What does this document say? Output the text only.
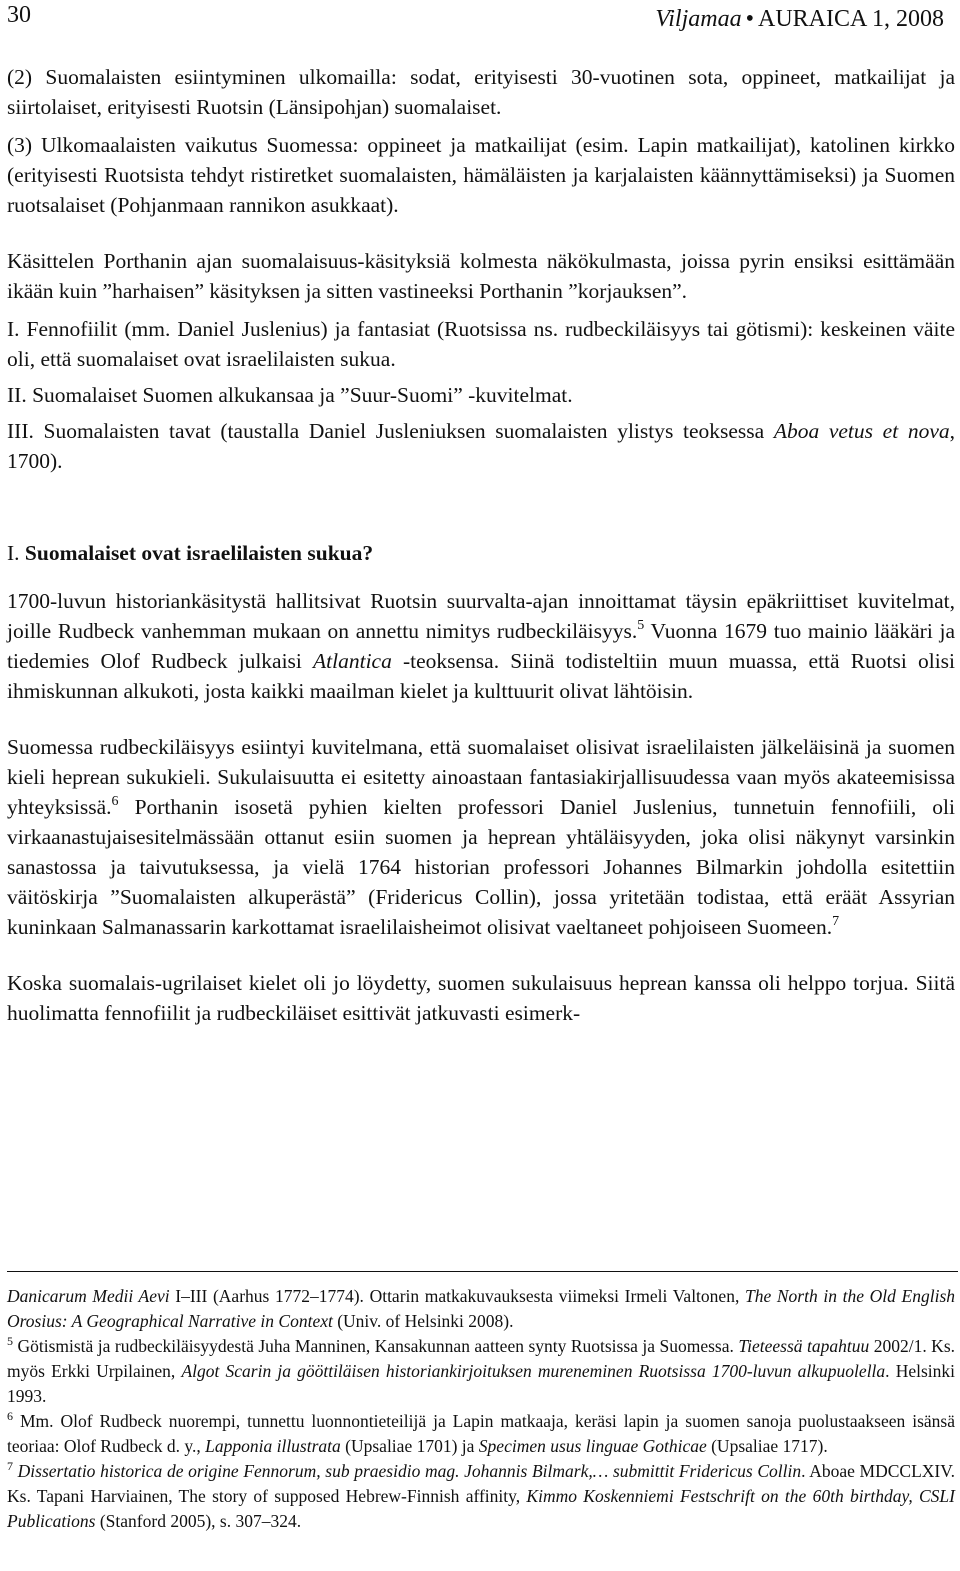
30	Viljamaa • AURAICA 1, 2008

(2) Suomalaisten esiintyminen ulkomailla: sodat, erityisesti 30-vuotinen sota, oppineet, matkailijat ja siirtolaiset, erityisesti Ruotsin (Länsipohjan) suomalaiset.

(3) Ulkomaalaisten vaikutus Suomessa: oppineet ja matkailijat (esim. Lapin matkailijat), katolinen kirkko (erityisesti Ruotsista tehdyt ristiretket suomalaisten, hämäläisten ja karjalaisten käännyttämiseksi) ja Suomen ruotsalaiset (Pohjanmaan rannikon asukkaat).

Käsittelen Porthanin ajan suomalaisuus-käsityksiä kolmesta näkökulmasta, joissa pyrin ensiksi esittämään ikään kuin ”harhaisen” käsityksen ja sitten vastineeksi Porthanin ”korjauksen”.

I. Fennofiilit (mm. Daniel Juslenius) ja fantasiat (Ruotsissa ns. rudbeckiläisyys tai götismi): keskeinen väite oli, että suomalaiset ovat israelilaisten sukua.

II. Suomalaiset Suomen alkukansaa ja ”Suur-Suomi” -kuvitelmat.

III. Suomalaisten tavat (taustalla Daniel Jusleniuksen suomalaisten ylistys teoksessa Aboa vetus et nova, 1700).

I. Suomalaiset ovat israelilaisten sukua?

1700-luvun historiankäsitystä hallitsivat Ruotsin suurvalta-ajan innoittamat täysin epäkriittiset kuvitelmat, joille Rudbeck vanhemman mukaan on annettu nimitys rudbeckiläisyys.$^5$ Vuonna 1679 tuo mainio lääkäri ja tiedemies Olof Rudbeck julkaisi Atlantica -teoksensa. Siinä todisteltiin muun muassa, että Ruotsi olisi ihmiskunnan alkukoti, josta kaikki maailman kielet ja kulttuurit olivat lähtöisin.

Suomessa rudbeckiläisyys esiintyi kuvitelmana, että suomalaiset olisivat israelilaisten jälkeläisinä ja suomen kieli heprean sukukieli. Sukulaisuutta ei esitetty ainoastaan fantasiakirjallisuudessa vaan myös akateemisissa yhteyksissä.$^6$ Porthanin isosetä pyhien kielten professori Daniel Juslenius, tunnetuin fennofiili, oli virkaanastujaisesitelmässään ottanut esiin suomen ja heprean yhtäläisyyden, joka olisi näkynyt varsinkin sanastossa ja taivutuksessa, ja vielä 1764 historian professori Johannes Bilmarkin johdolla esitettiin väitöskirja ”Suomalaisten alkuperästä” (Fridericus Collin), jossa yritetään todistaa, että eräät Assyrian kuninkaan Salmanassarin karkottamat israelilaisheimot olisivat vaeltaneet pohjoiseen Suomeen.$^7$

Koska suomalais-ugrilaiset kielet oli jo löydetty, suomen sukulaisuus heprean kanssa oli helppo torjua. Siitä huolimatta fennofiilit ja rudbeckiläiset esittivät jatkuvasti esimerk-

Danicarum Medii Aevi I–III (Aarhus 1772–1774). Ottarin matkakuvauksesta viimeksi Irmeli Valtonen, The North in the Old English Orosius: A Geographical Narrative in Context (Univ. of Helsinki 2008).

$^5$ Götismistä ja rudbeckiläisyydestä Juha Manninen, Kansakunnan aatteen synty Ruotsissa ja Suomessa. Tieteessä tapahtuu 2002/1. Ks. myös Erkki Urpilainen, Algot Scarin ja gööttiläisen historiankirjoituksen mureneminen Ruotsissa 1700-luvun alkupuolella. Helsinki 1993.

$^6$ Mm. Olof Rudbeck nuorempi, tunnettu luonnontieteilijä ja Lapin matkaaja, keräsi lapin ja suomen sanoja puolustaakseen isänsä teoriaa: Olof Rudbeck d. y., Lapponia illustrata (Upsaliae 1701) ja Specimen usus linguae Gothicae (Upsaliae 1717).

$^7$ Dissertatio historica de origine Fennorum, sub praesidio mag. Johannis Bilmark,… submittit Fridericus Collin. Aboae MDCCLXIV. Ks. Tapani Harviainen, The story of supposed Hebrew-Finnish affinity, Kimmo Koskenniemi Festschrift on the 60th birthday, CSLI Publications (Stanford 2005), s. 307–324.
